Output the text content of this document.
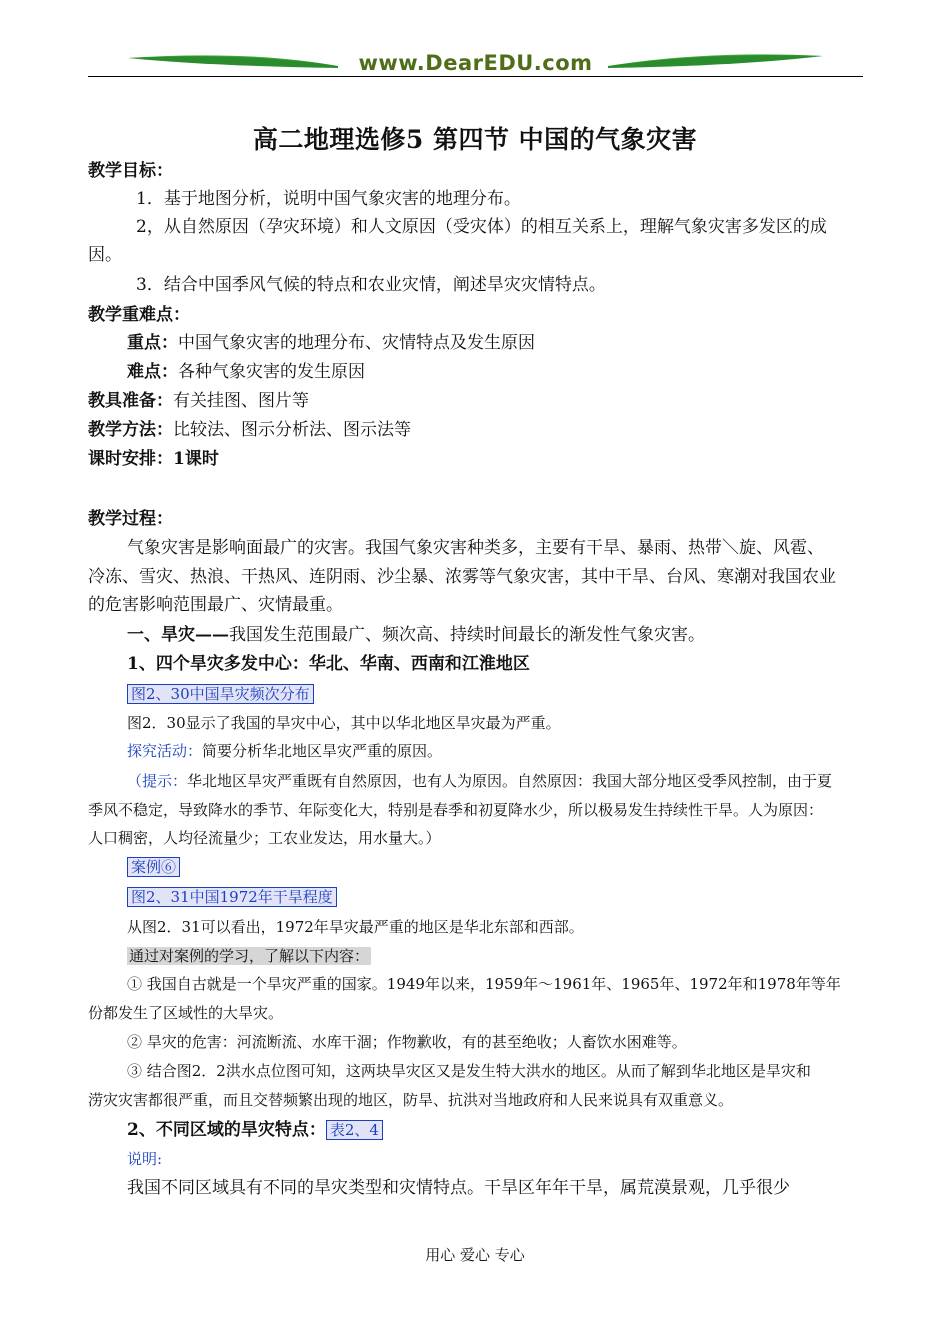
www.DearEDU.com
高二地理选修5 第四节 中国的气象灾害
教学目标：
1．基于地图分析，说明中国气象灾害的地理分布。
2，从自然原因（孕灾环境）和人文原因（受灾体）的相互关系上，理解气象灾害多发区的成
因。
3．结合中国季风气候的特点和农业灾情，阐述旱灾灾情特点。
教学重难点：
重点：中国气象灾害的地理分布、灾情特点及发生原因
难点：各种气象灾害的发生原因
教具准备：有关挂图、图片等
教学方法：比较法、图示分析法、图示法等
课时安排：1课时
教学过程：
气象灾害是影响面最广的灾害。我国气象灾害种类多，主要有干旱、暴雨、热带＼旋、风雹、
冷冻、雪灾、热浪、干热风、连阴雨、沙尘暴、浓雾等气象灾害，其中干旱、台风、寒潮对我国农业
的危害影响范围最广、灾情最重。
一、旱灾——我国发生范围最广、频次高、持续时间最长的渐发性气象灾害。
1、四个旱灾多发中心：华北、华南、西南和江淮地区
图2、30中国旱灾频次分布
图2．30显示了我国的旱灾中心，其中以华北地区旱灾最为严重。
探究活动：简要分析华北地区旱灾严重的原因。
（提示：华北地区旱灾严重既有自然原因，也有人为原因。自然原因：我国大部分地区受季风控制，由于夏
季风不稳定，导致降水的季节、年际变化大，特别是春季和初夏降水少，所以极易发生持续性干旱。人为原因：
人口稠密，人均径流量少；工农业发达，用水量大。）
案例⑥
图2、31中国1972年干旱程度
从图2．31可以看出，1972年旱灾最严重的地区是华北东部和西部。
通过对案例的学习，了解以下内容：
① 我国自古就是一个旱灾严重的国家。1949年以来，1959年～1961年、1965年、1972年和1978年等年
份都发生了区域性的大旱灾。
② 旱灾的危害：河流断流、水库干涸；作物歉收，有的甚至绝收；人畜饮水困难等。
③ 结合图2．2洪水点位图可知，这两块旱灾区又是发生特大洪水的地区。从而了解到华北地区是旱灾和
涝灾灾害都很严重，而且交替频繁出现的地区，防旱、抗洪对当地政府和人民来说具有双重意义。
2、不同区域的旱灾特点： 表2、4
说明:
我国不同区域具有不同的旱灾类型和灾情特点。干旱区年年干旱，属荒漠景观，几乎很少
用心 爱心 专心
